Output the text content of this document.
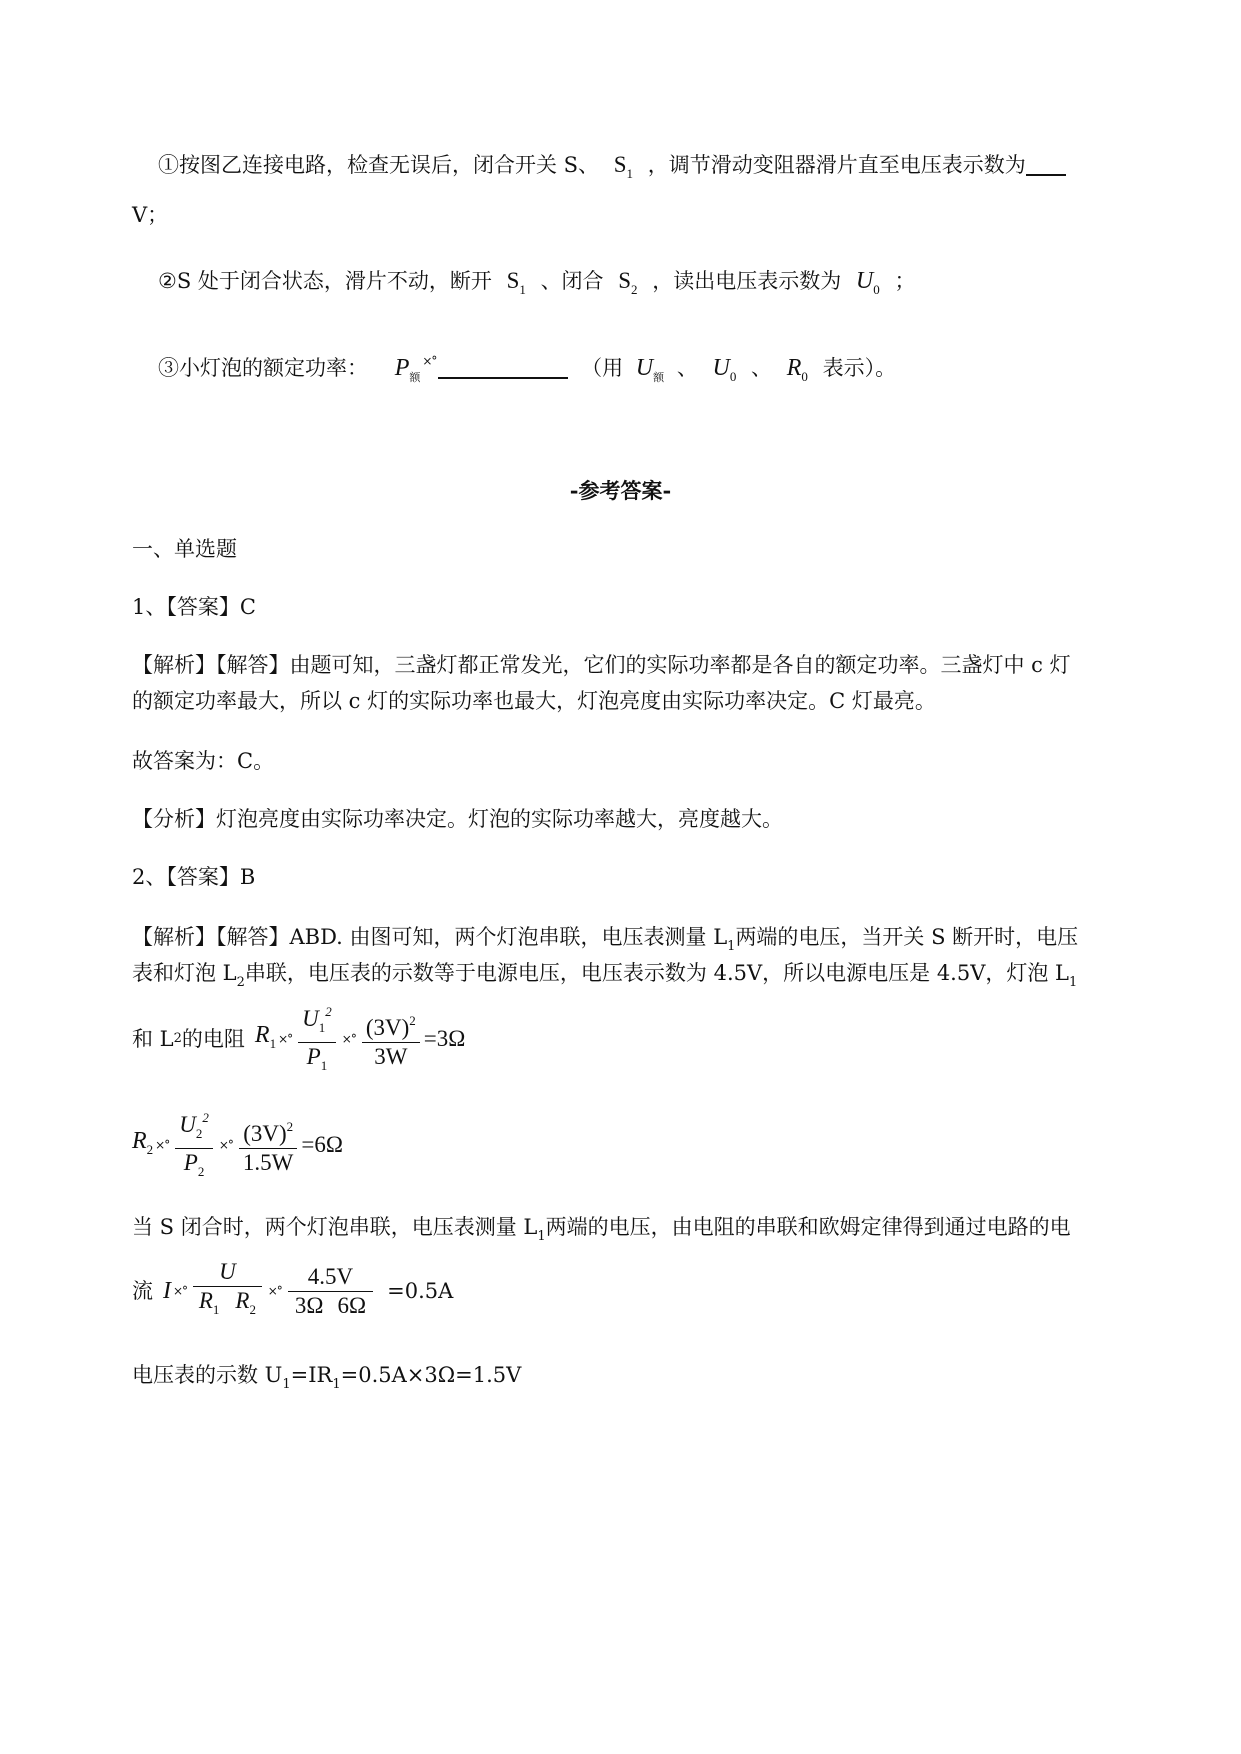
①按图乙连接电路，检查无误后，闭合开关 S、 $S_1$ ，调节滑动变阻器滑片直至电压表示数为
V；
②S 处于闭合状态，滑片不动，断开 $S_1$ 、闭合 $S_2$ ，读出电压表示数为 $U_0$ ；
③小灯泡的额定功率： $P_额^{\times^\circ}$	（用 $U_额$ 、 $U_0$ 、 $R_0$ 表示）。
-参考答案-
一、单选题
1、【答案】C
【解析】【解答】由题可知，三盏灯都正常发光，它们的实际功率都是各自的额定功率。三盏灯中 c 灯
的额定功率最大，所以 c 灯的实际功率也最大，灯泡亮度由实际功率决定。C 灯最亮。
故答案为：C。
【分析】灯泡亮度由实际功率决定。灯泡的实际功率越大，亮度越大。
2、【答案】B
【解析】【解答】ABD. 由图可知，两个灯泡串联，电压表测量 $L_1$两端的电压，当开关 S 断开时，电压
表和灯泡 $L_2$串联，电压表的示数等于电源电压，电压表示数为 4.5V，所以电源电压是 4.5V，灯泡 $L_1$
和 L 2 的电阻 $R_1$ ×° $\frac{U_1^2}{P_1}$ ×° $\frac{(3V)^2}{3W} =3\Omega$
$R_2$ ×° $\frac{U_2^2}{P_2}$ ×° $\frac{(3V)^2}{1.5W} =6\Omega$
当 S 闭合时，两个灯泡串联，电压表测量 $L_1$两端的电压，由电阻的串联和欧姆定律得到通过电路的电
流 I ×° $\frac{U}{R_1 R_2}$ ×° $\frac{4.5V}{3\Omega 6\Omega} =0.5A$
电压表的示数 $U_1=IR_1=0.5A\times 3\Omega=1.5V$
